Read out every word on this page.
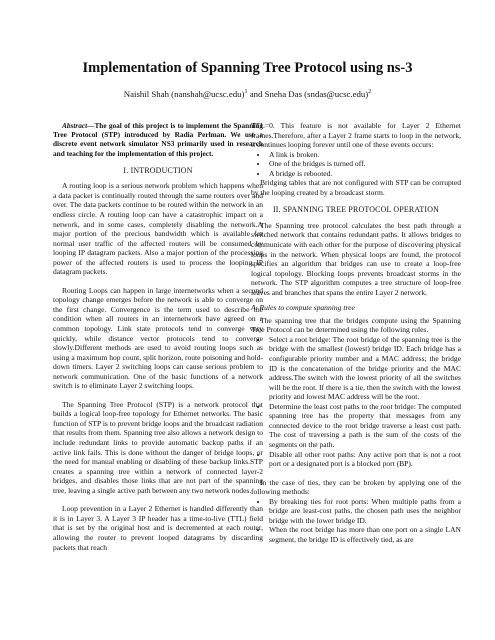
Implementation of Spanning Tree Protocol using ns-3
Naishil Shah (nanshah@ucsc.edu)$^1$ and Sneha Das (sndas@ucsc.edu)$^2$

Abstract—The goal of this project is to implement the Spanning Tree Protocol (STP) introduced by Radia Perlman. We use a discrete event network simulator NS3 primarily used in research and teaching for the implementation of this project.

I. INTRODUCTION

A routing loop is a serious network problem which happens when a data packet is continually routed through the same routers over and over. The data packets continue to be routed within the network in an endless circle. A routing loop can have a catastrophic impact on a network, and in some cases, completely disabling the network.A major portion of the precious bandwidth which is available for normal user traffic of the affected routers will be consumed by looping IP datagram packets. Also a major portion of the processing power of the affected routers is used to process the looping IP datagram packets.

Routing Loops can happen in large internetworks when a second topology change emerges before the network is able to converge on the first change. Convergence is the term used to describe the condition when all routers in an internetwork have agreed on a common topology. Link state protocols tend to converge very quickly, while distance vector protocols tend to converge slowly.Different methods are used to avoid routing loops such as using a maximum hop count, split horizon, route poisoning and hold-down timers. Layer 2 switching loops can cause serious problem to network communication. One of the basic functions of a network switch is to eliminate Layer 2 switching loops.

The Spanning Tree Protocol (STP) is a network protocol that builds a logical loop-free topology for Ethernet networks. The basic function of STP is to prevent bridge loops and the broadcast radiation that results from them. Spanning tree also allows a network design to include redundant links to provide automatic backup paths if an active link fails. This is done without the danger of bridge loops, or the need for manual enabling or disabling of these backup links.STP creates a spanning tree within a network of connected layer-2 bridges, and disables those links that are not part of the spanning tree, leaving a single active path between any two network nodes.

Loop prevention in a Layer 2 Ethernet is handled differently than it is in Layer 3. A Layer 3 IP header has a time-to-live (TTL) field that is set by the original host and is decremented at each router, allowing the router to prevent looped datagrams by discarding packets that reach

TTL=0. This feature is not available for Layer 2 Ethernet frames.Therefore, after a Layer 2 frame starts to loop in the network, it continues looping forever until one of these events occurs:

• A link is broken.
• One of the bridges is turned off.
• A bridge is rebooted.

Bridging tables that are not configured with STP can be corrupted by the looping created by a broadcast storm.

II. SPANNING TREE PROTOCOL OPERATION

The Spanning tree protocol calculates the best path through a switched network that contains redundant paths. It allows bridges to communicate with each other for the purpose of discovering physical loops in the network. When physical loops are found, the protocol specifies an algorithm that bridges can use to create a loop-free logical topology. Blocking loops prevents broadcast storms in the network. The STP algorithm computes a tree structure of loop-free leaves and branches that spans the entire Layer 2 network.

A. Rules to compute spanning tree

The spanning tree that the bridges compute using the Spanning Tree Protocol can be determined using the following rules.

• Select a root bridge: The root bridge of the spanning tree is the bridge with the smallest (lowest) bridge ID. Each bridge has a configurable priority number and a MAC address; the bridge ID is the concatenation of the bridge priority and the MAC address.The switch with the lowest priority of all the switches will be the root. If there is a tie, then the switch with the lowest priority and lowest MAC address will be the root.
• Determine the least cost paths to the root bridge: The computed spanning tree has the property that messages from any connected device to the root bridge traverse a least cost path. The cost of traversing a path is the sum of the costs of the segments on the path.
• Disable all other root paths: Any active port that is not a root port or a designated port is a blocked port (BP).

In the case of ties, they can be broken by applying one of the following methods:

• By breaking ties for root ports: When multiple paths from a bridge are least-cost paths, the chosen path uses the neighbor bridge with the lower bridge ID.
• When the root bridge has more than one port on a single LAN segment, the bridge ID is effectively tied, as are
